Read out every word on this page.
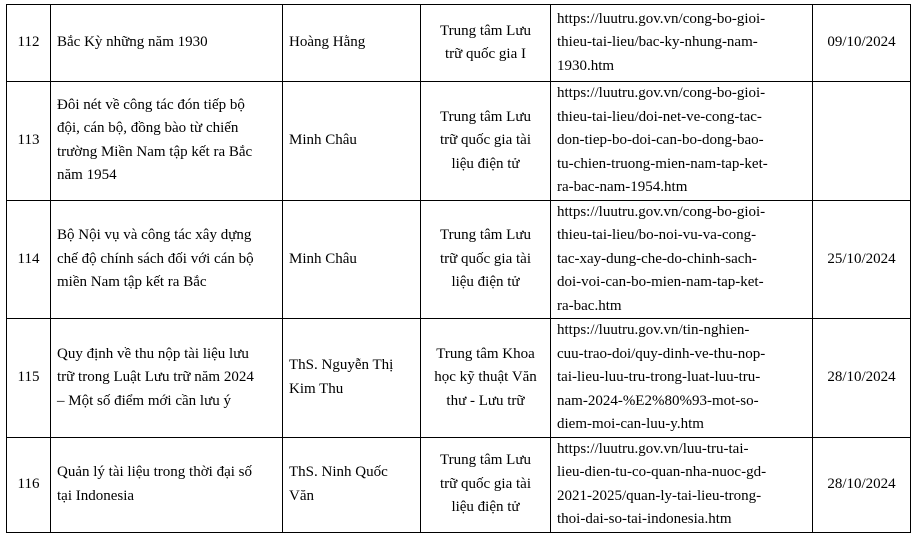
112	Bắc Kỳ những năm 1930	Hoàng Hằng	Trung tâm Lưu
trữ quốc gia I	https://luutru.gov.vn/cong-bo-gioi-
thieu-tai-lieu/bac-ky-nhung-nam-
1930.htm	09/10/2024
113	Đôi nét về công tác đón tiếp bộ
đội, cán bộ, đồng bào từ chiến
trường Miền Nam tập kết ra Bắc
năm 1954	Minh Châu	Trung tâm Lưu
trữ quốc gia tài
liệu điện tử	https://luutru.gov.vn/cong-bo-gioi-
thieu-tai-lieu/doi-net-ve-cong-tac-
don-tiep-bo-doi-can-bo-dong-bao-
tu-chien-truong-mien-nam-tap-ket-
ra-bac-nam-1954.htm	

114	Bộ Nội vụ và công tác xây dựng
chế độ chính sách đối với cán bộ
miền Nam tập kết ra Bắc	Minh Châu	Trung tâm Lưu
trữ quốc gia tài
liệu điện tử	https://luutru.gov.vn/cong-bo-gioi-
thieu-tai-lieu/bo-noi-vu-va-cong-
tac-xay-dung-che-do-chinh-sach-
doi-voi-can-bo-mien-nam-tap-ket-
ra-bac.htm	25/10/2024
115	Quy định về thu nộp tài liệu lưu
trữ trong Luật Lưu trữ năm 2024
– Một số điểm mới cần lưu ý	ThS. Nguyễn Thị
Kim Thu	Trung tâm Khoa
học kỹ thuật Văn
thư - Lưu trữ	https://luutru.gov.vn/tin-nghien-
cuu-trao-doi/quy-dinh-ve-thu-nop-
tai-lieu-luu-tru-trong-luat-luu-tru-
nam-2024-%E2%80%93-mot-so-
diem-moi-can-luu-y.htm	28/10/2024
116	Quản lý tài liệu trong thời đại số
tại Indonesia	ThS. Ninh Quốc
Văn	Trung tâm Lưu
trữ quốc gia tài
liệu điện tử	https://luutru.gov.vn/luu-tru-tai-
lieu-dien-tu-co-quan-nha-nuoc-gd-
2021-2025/quan-ly-tai-lieu-trong-
thoi-dai-so-tai-indonesia.htm	28/10/2024
